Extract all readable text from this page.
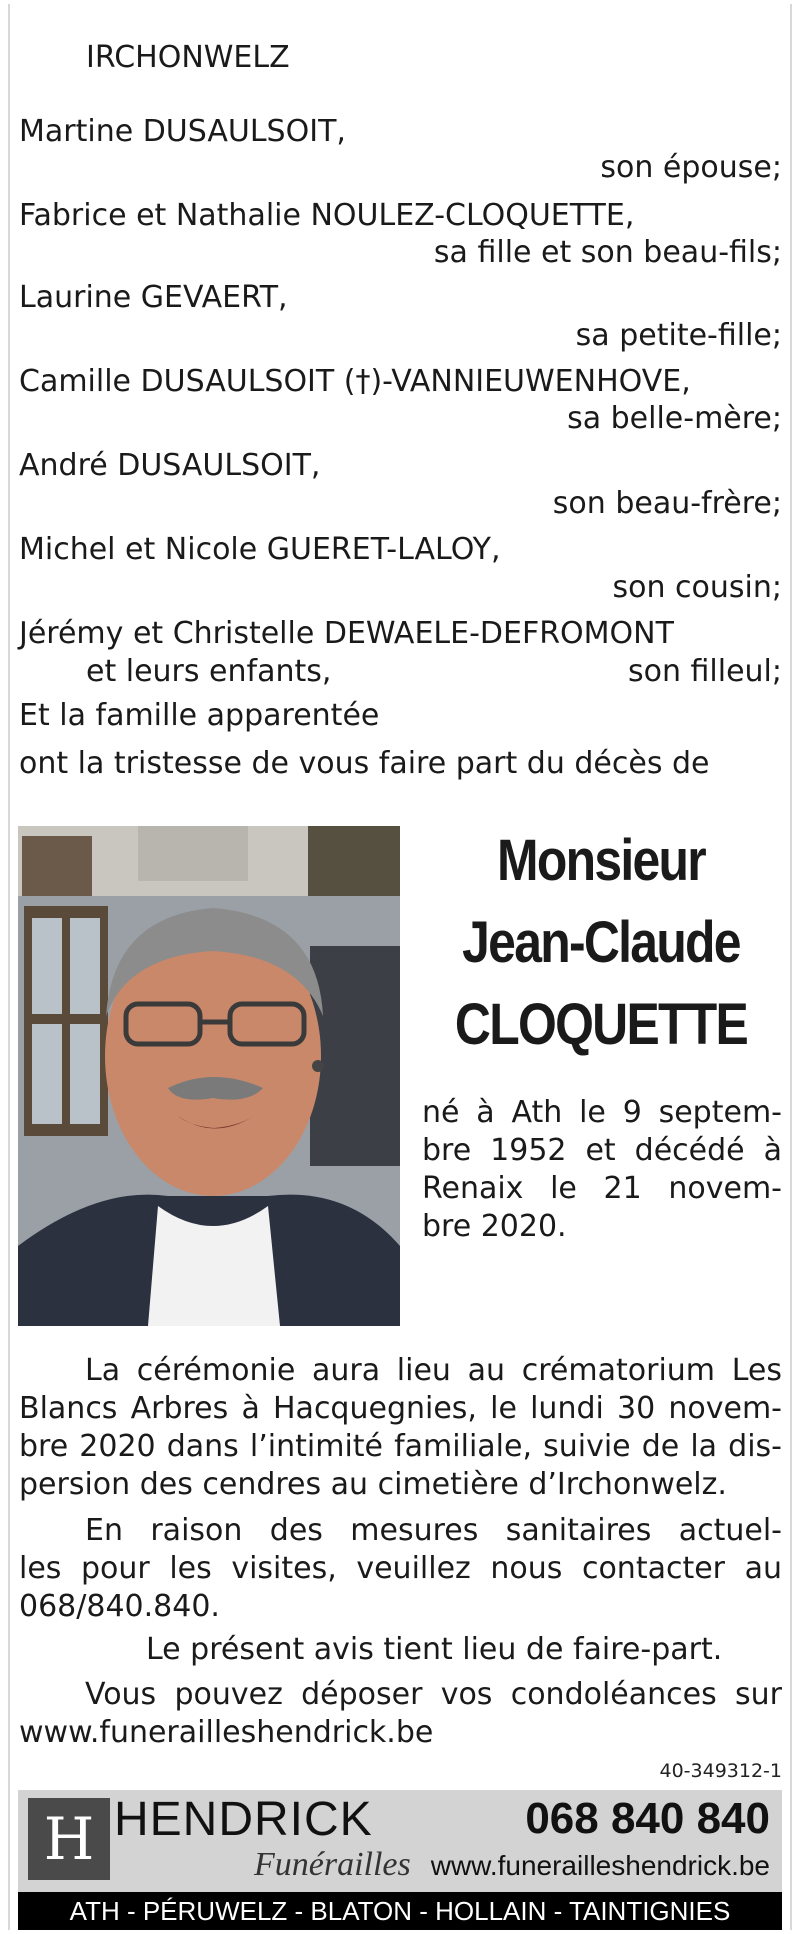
IRCHONWELZ
Martine DUSAULSOIT,
son épouse;
Fabrice et Nathalie NOULEZ-CLOQUETTE,
sa fille et son beau-fils;
Laurine GEVAERT,
sa petite-fille;
Camille DUSAULSOIT (†)-VANNIEUWENHOVE,
sa belle-mère;
André DUSAULSOIT,
son beau-frère;
Michel et Nicole GUERET-LALOY,
son cousin;
Jérémy et Christelle DEWAELE-DEFROMONT
et leurs enfants,	son filleul;
Et la famille apparentée
ont la tristesse de vous faire part du décès de
Monsieur
Jean-Claude
CLOQUETTE
né à Ath le 9 septem-
bre 1952 et décédé à
Renaix le 21 novem-
bre 2020.
La cérémonie aura lieu au crématorium Les
Blancs Arbres à Hacquegnies, le lundi 30 novem-
bre 2020 dans l’intimité familiale, suivie de la dis-
persion des cendres au cimetière d’Irchonwelz.
En raison des mesures sanitaires actuel-
les pour les visites, veuillez nous contacter au
068/840.840.
Le présent avis tient lieu de faire-part.
Vous pouvez déposer vos condoléances sur
www.funerailleshendrick.be
40-349312-1
H HENDRICK
Funérailles
068 840 840
www.funerailleshendrick.be
ATH - PÉRUWELZ - BLATON - HOLLAIN - TAINTIGNIES
